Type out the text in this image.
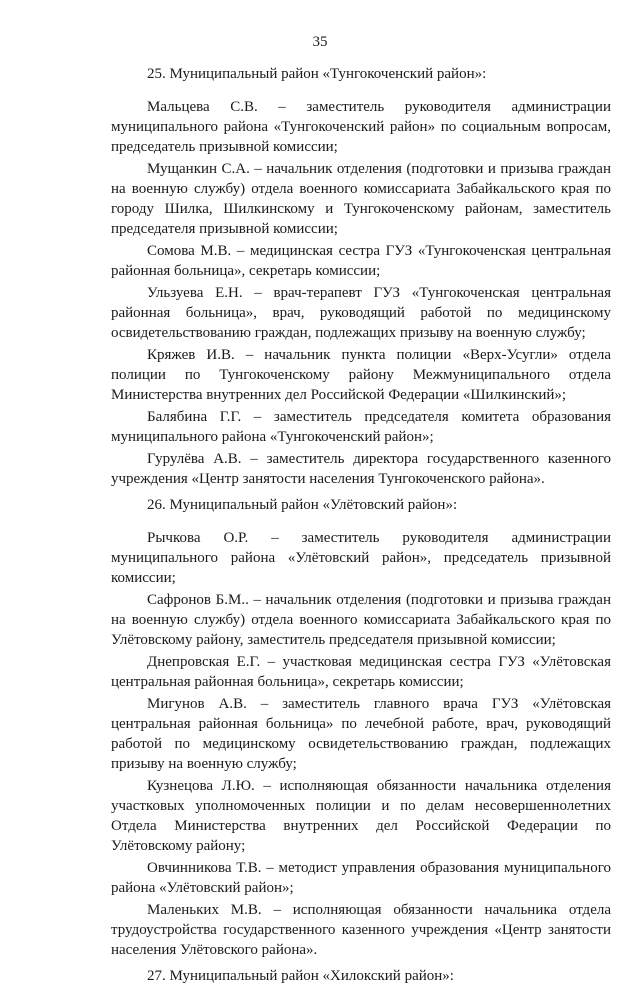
35

25. Муниципальный район «Тунгокоченский район»:

Мальцева С.В. – заместитель руководителя администрации муниципального района «Тунгокоченский район» по социальным вопросам, председатель призывной комиссии;

Мущанкин С.А. – начальник отделения (подготовки и призыва граждан на военную службу) отдела военного комиссариата Забайкальского края по городу Шилка, Шилкинскому и Тунгокоченскому районам, заместитель председателя призывной комиссии;

Сомова М.В. – медицинская сестра ГУЗ «Тунгокоченская центральная районная больница», секретарь комиссии;

Ульзуева Е.Н. – врач-терапевт ГУЗ «Тунгокоченская центральная районная больница», врач, руководящий работой по медицинскому освидетельствованию граждан, подлежащих призыву на военную службу;

Кряжев И.В. – начальник пункта полиции «Верх-Усугли» отдела полиции по Тунгокоченскому району Межмуниципального отдела Министерства внутренних дел Российской Федерации «Шилкинский»;

Балябина Г.Г. – заместитель председателя комитета образования муниципального района «Тунгокоченский район»;

Гурулёва А.В. – заместитель директора государственного казенного учреждения «Центр занятости населения Тунгокоченского района».

26. Муниципальный район «Улётовский район»:

Рычкова О.Р. – заместитель руководителя администрации муниципального района «Улётовский район», председатель призывной комиссии;

Сафронов Б.М.. – начальник отделения (подготовки и призыва граждан на военную службу) отдела военного комиссариата Забайкальского края по Улётовскому району, заместитель председателя призывной комиссии;

Днепровская Е.Г. – участковая медицинская сестра ГУЗ «Улётовская центральная районная больница», секретарь комиссии;

Мигунов А.В. – заместитель главного врача ГУЗ «Улётовская центральная районная больница» по лечебной работе, врач, руководящий работой по медицинскому освидетельствованию граждан, подлежащих призыву на военную службу;

Кузнецова Л.Ю. – исполняющая обязанности начальника отделения участковых уполномоченных полиции и по делам несовершеннолетних Отдела Министерства внутренних дел Российской Федерации по Улётовскому району;

Овчинникова Т.В. – методист управления образования муниципального района «Улётовский район»;

Маленьких М.В. – исполняющая обязанности начальника отдела трудоустройства государственного казенного учреждения «Центр занятости населения Улётовского района».

27. Муниципальный район «Хилокский район»:
